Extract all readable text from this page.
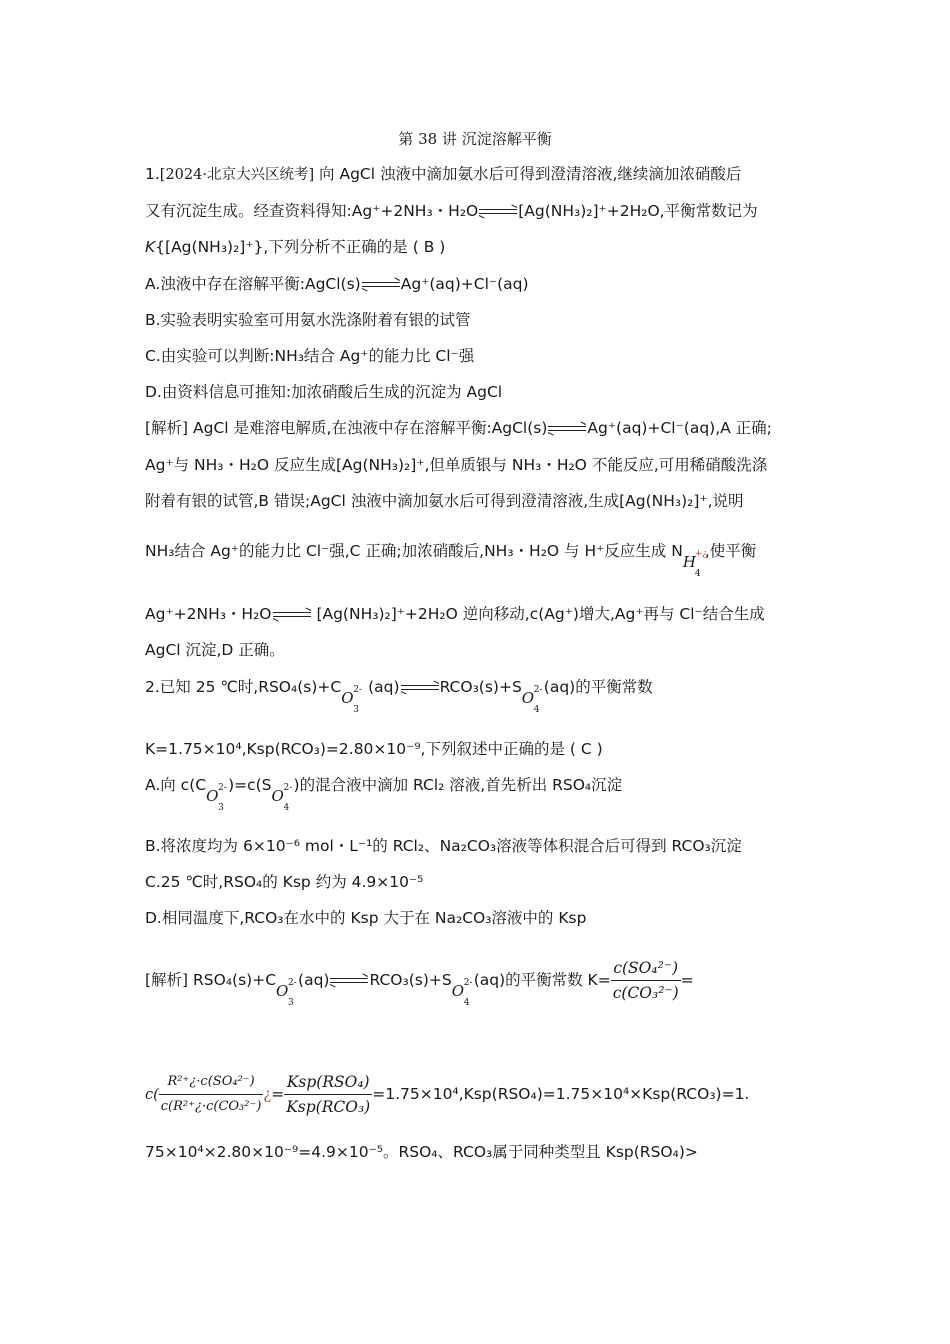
第 38 讲 沉淀溶解平衡
1.[2024·北京大兴区统考] 向 AgCl 浊液中滴加氨水后可得到澄清溶液,继续滴加浓硝酸后
又有沉淀生成。经查资料得知:Ag⁺+2NH₃・H₂O	[Ag(NH₃)₂]⁺+2H₂O,平衡常数记为
K{[Ag(NH₃)₂]⁺},下列分析不正确的是 ( B )
A.浊液中存在溶解平衡:AgCl(s)	Ag⁺(aq)+Cl⁻(aq)
B.实验表明实验室可用氨水洗涤附着有银的试管
C.由实验可以判断:NH₃结合 Ag⁺的能力比 Cl⁻强
D.由资料信息可推知:加浓硝酸后生成的沉淀为 AgCl
[解析] AgCl 是难溶电解质,在浊液中存在溶解平衡:AgCl(s)	Ag⁺(aq)+Cl⁻(aq),A 正确;
Ag⁺与 NH₃・H₂O 反应生成[Ag(NH₃)₂]⁺,但单质银与 NH₃・H₂O 不能反应,可用稀硝酸洗涤
附着有银的试管,B 错误;AgCl 浊液中滴加氨水后可得到澄清溶液,生成[Ag(NH₃)₂]⁺,说明
NH₃结合 Ag⁺的能力比 Cl⁻强,C 正确;加浓硝酸后,NH₃・H₂O 与 H⁺反应生成 N
H
4
+¿
,使平衡
Ag⁺+2NH₃・H₂O	[Ag(NH₃)₂]⁺+2H₂O 逆向移动,c(Ag⁺)增大,Ag⁺再与 Cl⁻结合生成
AgCl 沉淀,D 正确。
2.已知 25 ℃时,RSO₄(s)+C
O
3
2- (aq)	RCO₃(s)+S
O
4
2- (aq)的平衡常数
K=1.75×10⁴,Ksp(RCO₃)=2.80×10⁻⁹,下列叙述中正确的是 ( C )
A.向 c(C
O
3
2- )=c(S
O
4
2- )的混合液中滴加 RCl₂ 溶液,首先析出 RSO₄沉淀
B.将浓度均为 6×10⁻⁶ mol・L⁻¹的 RCl₂、Na₂CO₃溶液等体积混合后可得到 RCO₃沉淀
C.25 ℃时,RSO₄的 Ksp 约为 4.9×10⁻⁵
D.相同温度下,RCO₃在水中的 Ksp 大于在 Na₂CO₃溶液中的 Ksp
[解析] RSO₄(s)+C
O
3
2- (aq)	RCO₃(s)+S
O
4
2- (aq)的平衡常数 $K= \frac{\text{c(SO₄²⁻)}}{\text{c(CO₃²⁻)}}$ =
$c( \frac{\text{R²⁺¿·c(SO₄²⁻)}}{\text{c(R²⁺¿·c(CO₃²⁻)}}$ ¿= $\frac{\text{Ksp(RSO₄)}}{\text{Ksp(RCO₃)}} =1.75\times 10^4,Ksp(RSO_4)=1.75\times 10^4\times Ksp(RCO_3)=1$.
75×10⁴×2.80×10⁻⁹=4.9×10⁻⁵。RSO₄、RCO₃属于同种类型且 Ksp(RSO₄)>
